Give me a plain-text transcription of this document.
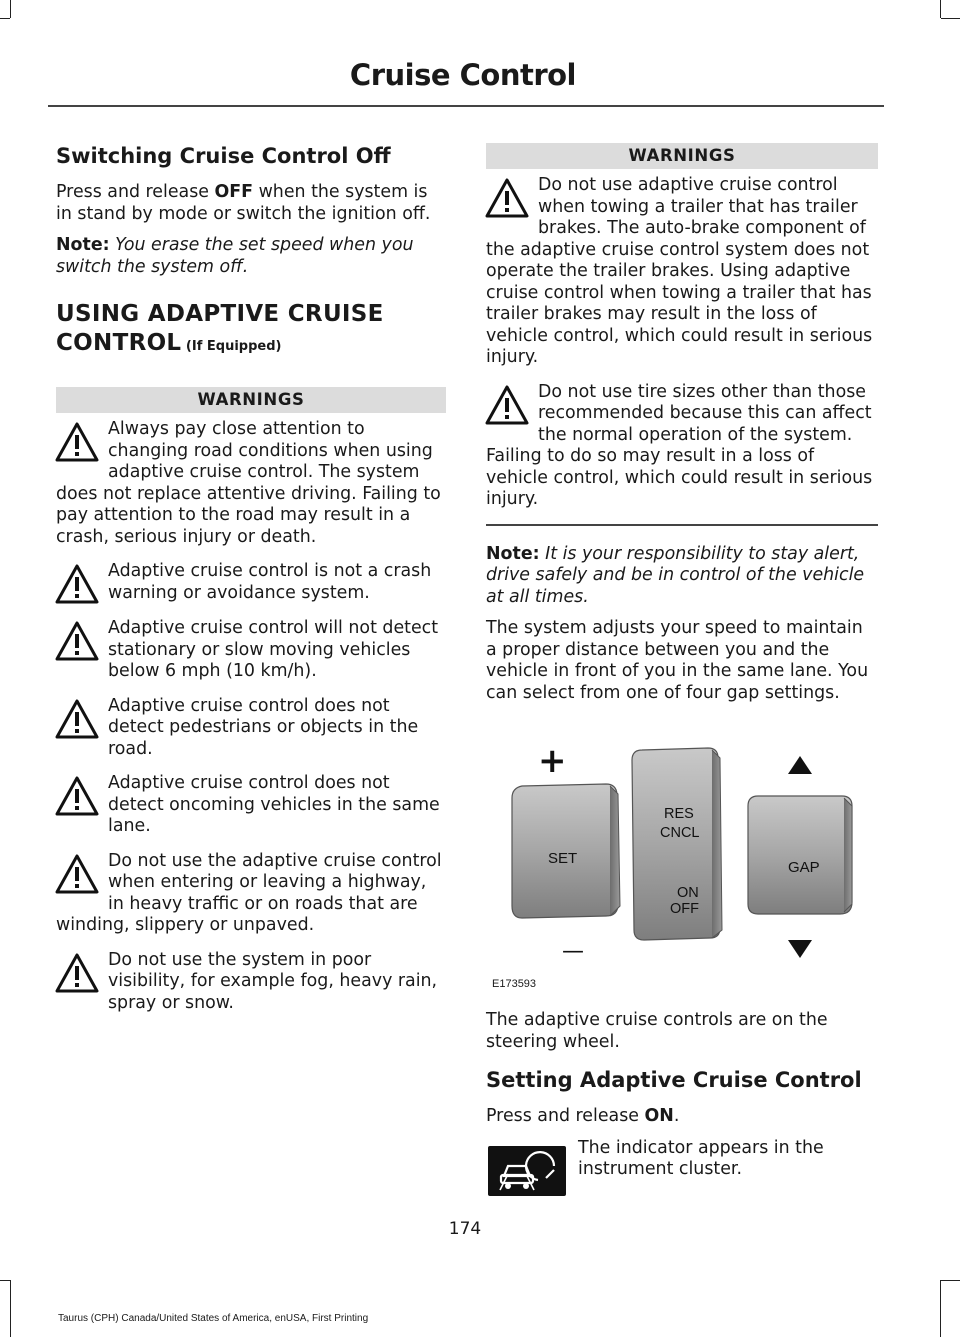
Cruise Control
Switching Cruise Control Off

Press and release OFF when the system is in stand by mode or switch the ignition off.

Note: You erase the set speed when you switch the system off.

USING ADAPTIVE CRUISE CONTROL (If Equipped)
WARNINGS
Always pay close attention to changing road conditions when using adaptive cruise control. The system does not replace attentive driving. Failing to pay attention to the road may result in a crash, serious injury or death.
Adaptive cruise control is not a crash warning or avoidance system.
Adaptive cruise control will not detect stationary or slow moving vehicles below 6 mph (10 km/h).
Adaptive cruise control does not detect pedestrians or objects in the road.
Adaptive cruise control does not detect oncoming vehicles in the same lane.
Do not use the adaptive cruise control when entering or leaving a highway, in heavy traffic or on roads that are winding, slippery or unpaved.
Do not use the system in poor visibility, for example fog, heavy rain, spray or snow.
WARNINGS
Do not use adaptive cruise control when towing a trailer that has trailer brakes. The auto-brake component of the adaptive cruise control system does not operate the trailer brakes. Using adaptive cruise control when towing a trailer that has trailer brakes may result in the loss of vehicle control, which could result in serious injury.
Do not use tire sizes other than those recommended because this can affect the normal operation of the system. Failing to do so may result in a loss of vehicle control, which could result in serious injury.

Note: It is your responsibility to stay alert, drive safely and be in control of the vehicle at all times.

The system adjusts your speed to maintain a proper distance between you and the vehicle in front of you in the same lane. You can select from one of four gap settings.

SET
RES
CNCL
ON
OFF
GAP
+
—
E173593

The adaptive cruise controls are on the steering wheel.

Setting Adaptive Cruise Control

Press and release ON.

The indicator appears in the instrument cluster.
174
Taurus (CPH) Canada/United States of America, enUSA, First Printing
